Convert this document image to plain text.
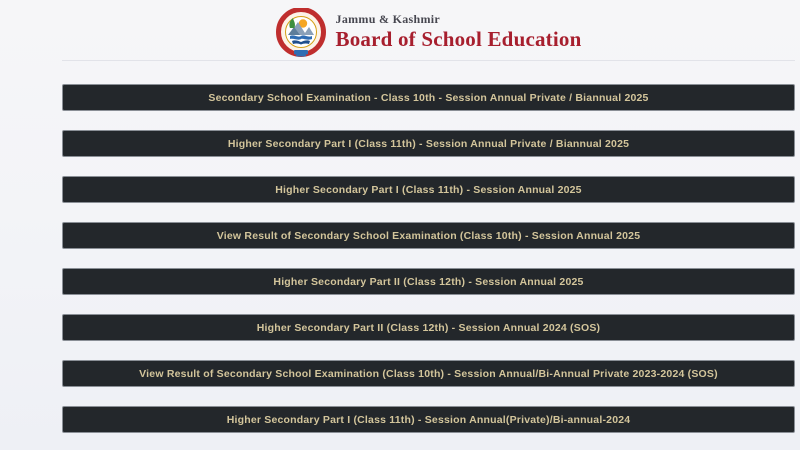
Jammu & Kashmir
Board of School Education
Secondary School Examination - Class 10th - Session Annual Private / Biannual 2025
Higher Secondary Part I (Class 11th) - Session Annual Private / Biannual 2025
Higher Secondary Part I (Class 11th) - Session Annual 2025
View Result of Secondary School Examination (Class 10th) - Session Annual 2025
Higher Secondary Part II (Class 12th) - Session Annual 2025
Higher Secondary Part II (Class 12th) - Session Annual 2024 (SOS)
View Result of Secondary School Examination (Class 10th) - Session Annual/Bi-Annual Private 2023-2024 (SOS)
Higher Secondary Part I (Class 11th) - Session Annual(Private)/Bi-annual-2024
